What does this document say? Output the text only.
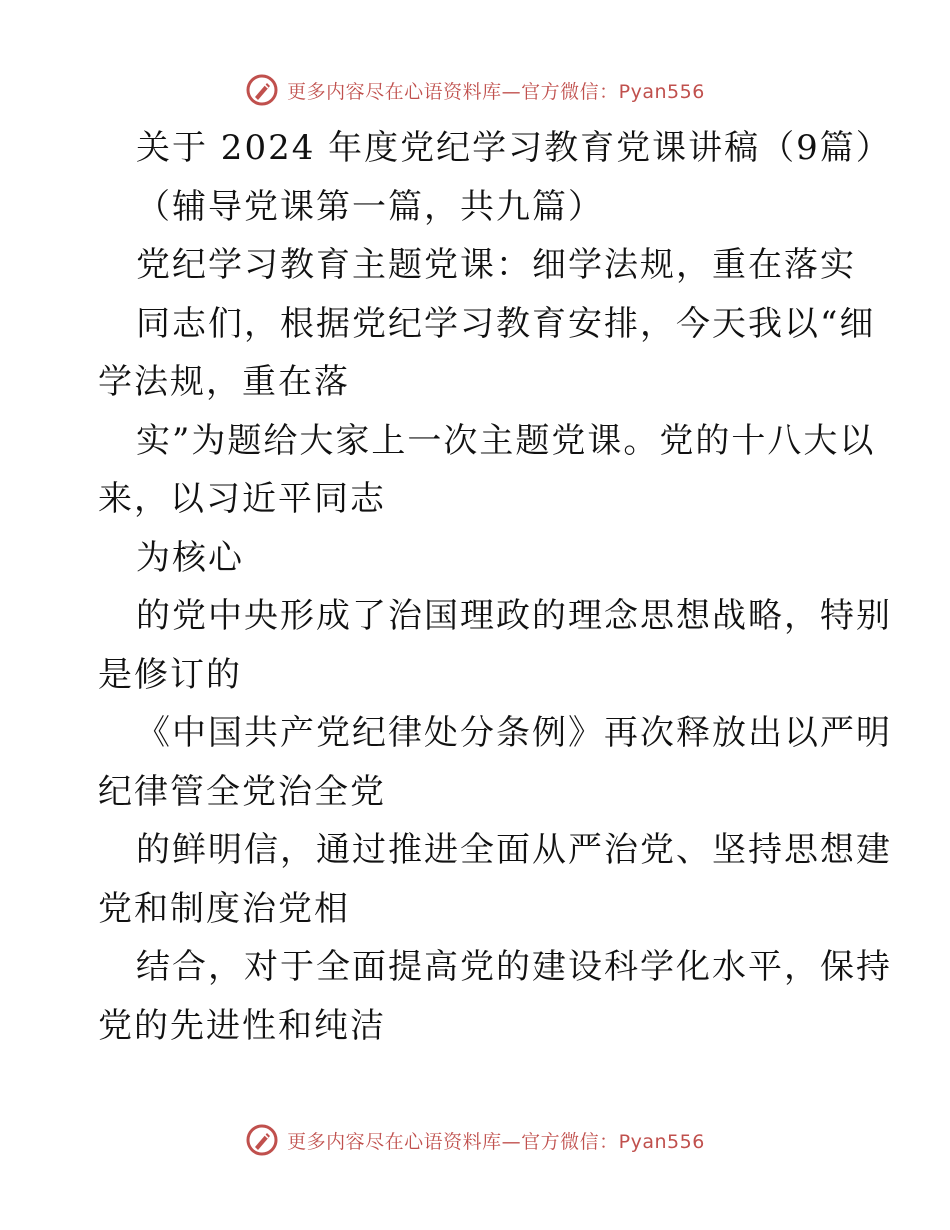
更多内容尽在心语资料库—官方微信：Pyan556
关于 2024 年度党纪学习教育党课讲稿（9篇）
（辅导党课第一篇，共九篇）
党纪学习教育主题党课：细学法规，重在落实
同志们，根据党纪学习教育安排，今天我以“细
学法规，重在落
实”为题给大家上一次主题党课。党的十八大以
来，以习近平同志
为核心
的党中央形成了治国理政的理念思想战略，特别
是修订的
《中国共产党纪律处分条例》再次释放出以严明
纪律管全党治全党
的鲜明信，通过推进全面从严治党、坚持思想建
党和制度治党相
结合，对于全面提高党的建设科学化水平，保持
党的先进性和纯洁
更多内容尽在心语资料库—官方微信：Pyan556
